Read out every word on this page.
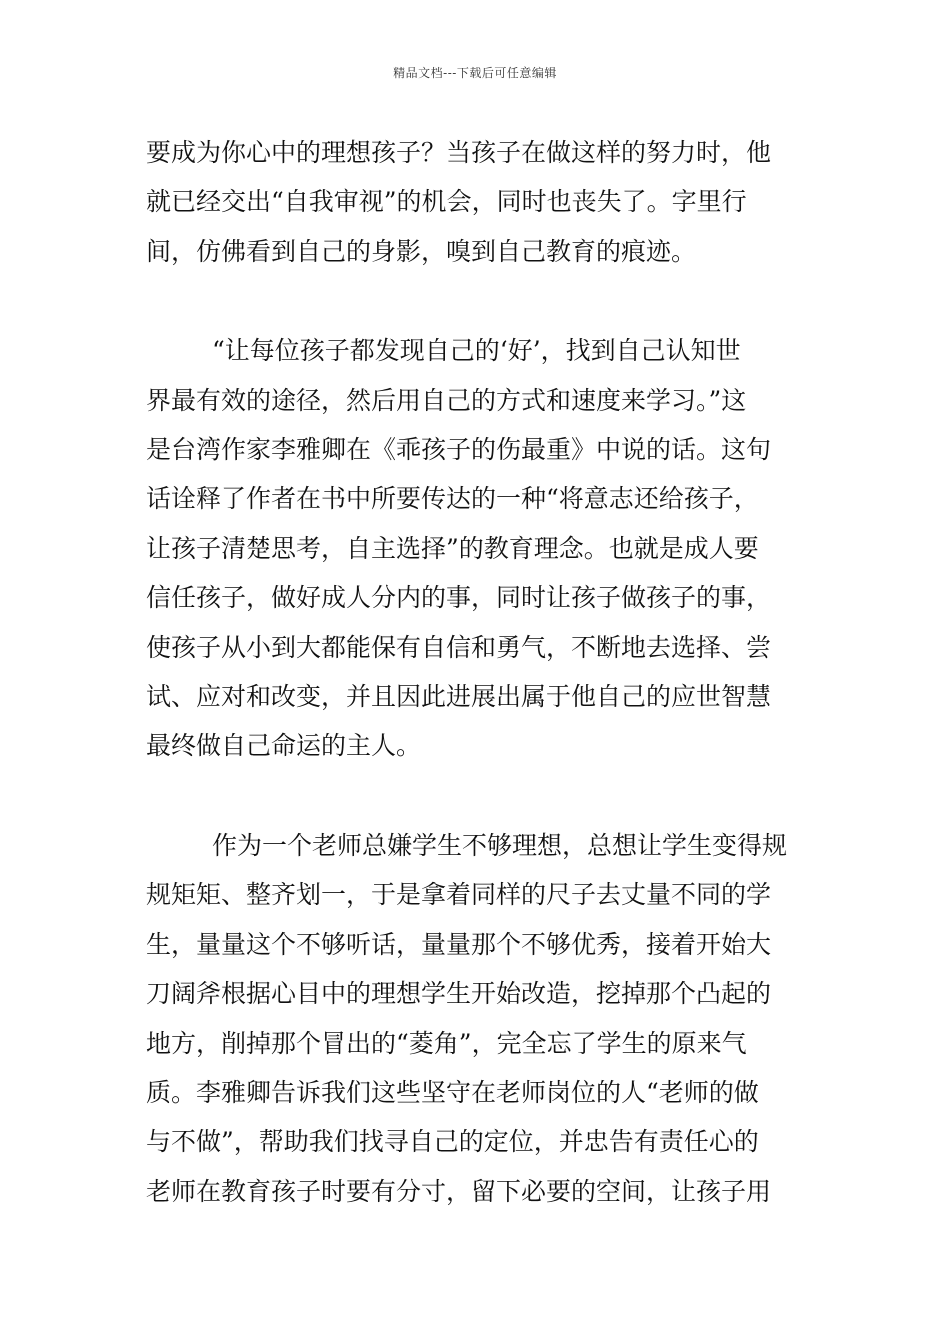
精品文档---下载后可任意编辑
要成为你心中的理想孩子？当孩子在做这样的努力时，他
就已经交出“自我审视”的机会，同时也丧失了。字里行
间，仿佛看到自己的身影，嗅到自己教育的痕迹。
“让每位孩子都发现自己的‘好’，找到自己认知世
界最有效的途径，然后用自己的方式和速度来学习。”这
是台湾作家李雅卿在《乖孩子的伤最重》中说的话。这句
话诠释了作者在书中所要传达的一种“将意志还给孩子，
让孩子清楚思考，自主选择”的教育理念。也就是成人要
信任孩子，做好成人分内的事，同时让孩子做孩子的事，
使孩子从小到大都能保有自信和勇气，不断地去选择、尝
试、应对和改变，并且因此进展出属于他自己的应世智慧
最终做自己命运的主人。
作为一个老师总嫌学生不够理想，总想让学生变得规
规矩矩、整齐划一，于是拿着同样的尺子去丈量不同的学
生，量量这个不够听话，量量那个不够优秀，接着开始大
刀阔斧根据心目中的理想学生开始改造，挖掉那个凸起的
地方，削掉那个冒出的“菱角”，完全忘了学生的原来气
质。李雅卿告诉我们这些坚守在老师岗位的人“老师的做
与不做”，帮助我们找寻自己的定位，并忠告有责任心的
老师在教育孩子时要有分寸，留下必要的空间，让孩子用
